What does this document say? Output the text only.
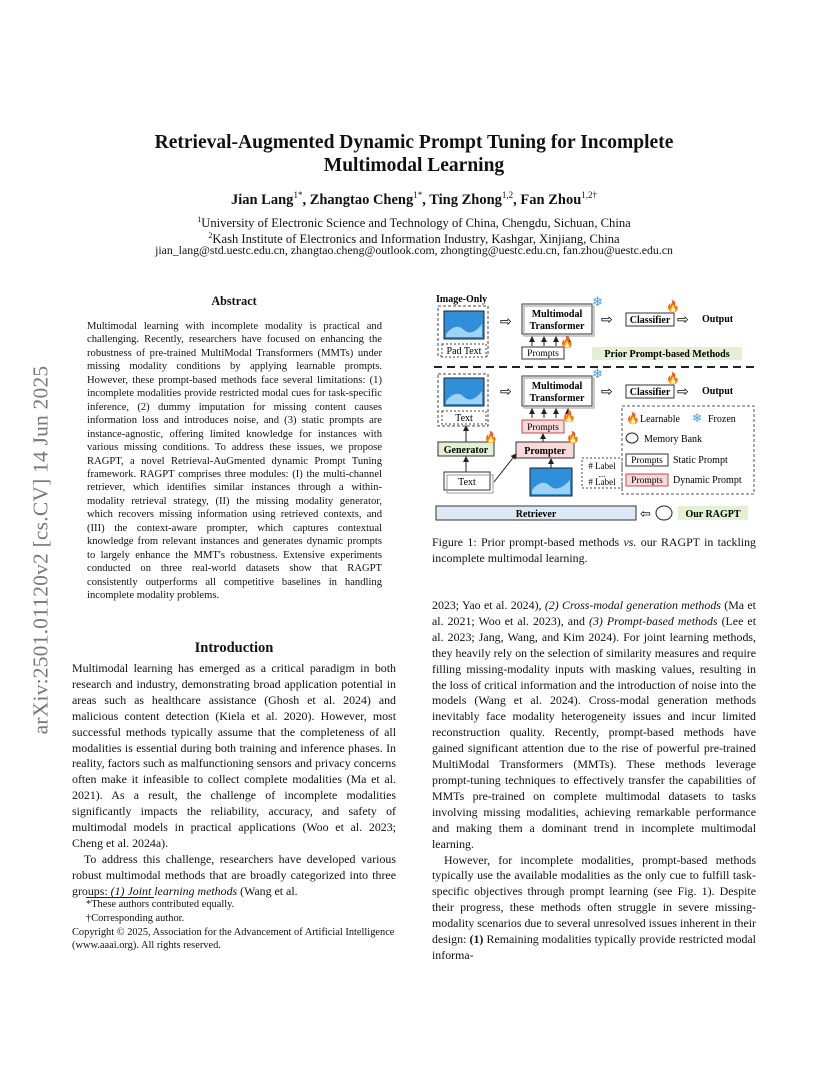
Retrieval-Augmented Dynamic Prompt Tuning for Incomplete
Multimodal Learning
Jian Lang$^{1*}$, Zhangtao Cheng$^{1*}$, Ting Zhong$^{1,2}$, Fan Zhou$^{1,2\dagger}$
$^1$University of Electronic Science and Technology of China, Chengdu, Sichuan, China
$^2$Kash Institute of Electronics and Information Industry, Kashgar, Xinjiang, China
jian_lang@std.uestc.edu.cn, zhangtao.cheng@outlook.com, zhongting@uestc.edu.cn, fan.zhou@uestc.edu.cn
arXiv:2501.01120v2 [cs.CV] 14 Jun 2025
Abstract
Multimodal learning with incomplete modality is practical and challenging. Recently, researchers have focused on enhancing the robustness of pre-trained MultiModal Transformers (MMTs) under missing modality conditions by applying learnable prompts. However, these prompt-based methods face several limitations: (1) incomplete modalities provide restricted modal cues for task-specific inference, (2) dummy imputation for missing content causes information loss and introduces noise, and (3) static prompts are instance-agnostic, offering limited knowledge for instances with various missing conditions. To address these issues, we propose RAGPT, a novel Retrieval-AuGmented dynamic Prompt Tuning framework. RAGPT comprises three modules: (I) the multi-channel retriever, which identifies similar instances through a within-modality retrieval strategy, (II) the missing modality generator, which recovers missing information using retrieved contexts, and (III) the context-aware prompter, which captures contextual knowledge from relevant instances and generates dynamic prompts to largely enhance the MMT's robustness. Extensive experiments conducted on three real-world datasets show that RAGPT consistently outperforms all competitive baselines in handling incomplete modality problems.
Introduction

Multimodal learning has emerged as a critical paradigm in both research and industry, demonstrating broad application potential in areas such as healthcare assistance (Ghosh et al. 2024) and malicious content detection (Kiela et al. 2020). However, most successful methods typically assume that the completeness of all modalities is essential during both training and inference phases. In reality, factors such as malfunctioning sensors and privacy concerns often make it infeasible to collect complete modalities (Ma et al. 2021). As a result, the challenge of incomplete modalities significantly impacts the reliability, accuracy, and safety of multimodal models in practical applications (Woo et al. 2023; Cheng et al. 2024a).

To address this challenge, researchers have developed various robust multimodal methods that are broadly categorized into three groups: (1) Joint learning methods (Wang et al.

*These authors contributed equally.
†Corresponding author.
Copyright © 2025, Association for the Advancement of Artificial Intelligence (www.aaai.org). All rights reserved.
Image-Only
Pad Text
⇨
Multimodal
Transformer
❄
⇨ Classifier
🔥
⇨ Output
Prompts
🔥
Prior Prompt-based Methods
Text
⇨ Multimodal
Transformer
❄
⇨ Classifier
🔥
⇨ Output
Prompts
🔥
Generator
🔥
Prompter
🔥
Text
# Label
...
# Label
Retriever	⇦	Our RAGPT
🔥 Learnable ❄ Frozen
Memory Bank
Prompts Static Prompt
Prompts Dynamic Prompt
Figure 1: Prior prompt-based methods vs. our RAGPT in tackling incomplete multimodal learning.

2023; Yao et al. 2024), (2) Cross-modal generation methods (Ma et al. 2021; Woo et al. 2023), and (3) Prompt-based methods (Lee et al. 2023; Jang, Wang, and Kim 2024). For joint learning methods, they heavily rely on the selection of similarity measures and require filling missing-modality inputs with masking values, resulting in the loss of critical information and the introduction of noise into the models (Wang et al. 2024). Cross-modal generation methods inevitably face modality heterogeneity issues and incur limited reconstruction quality. Recently, prompt-based methods have gained significant attention due to the rise of powerful pre-trained MultiModal Transformers (MMTs). These methods leverage prompt-tuning techniques to effectively transfer the capabilities of MMTs pre-trained on complete multimodal datasets to tasks involving missing modalities, achieving remarkable performance and making them a dominant trend in incomplete multimodal learning.

However, for incomplete modalities, prompt-based methods typically use the available modalities as the only cue to fulfill task-specific objectives through prompt learning (see Fig. 1). Despite their progress, these methods often struggle in severe missing-modality scenarios due to several unresolved issues inherent in their design: (1) Remaining modalities typically provide restricted modal informa-
